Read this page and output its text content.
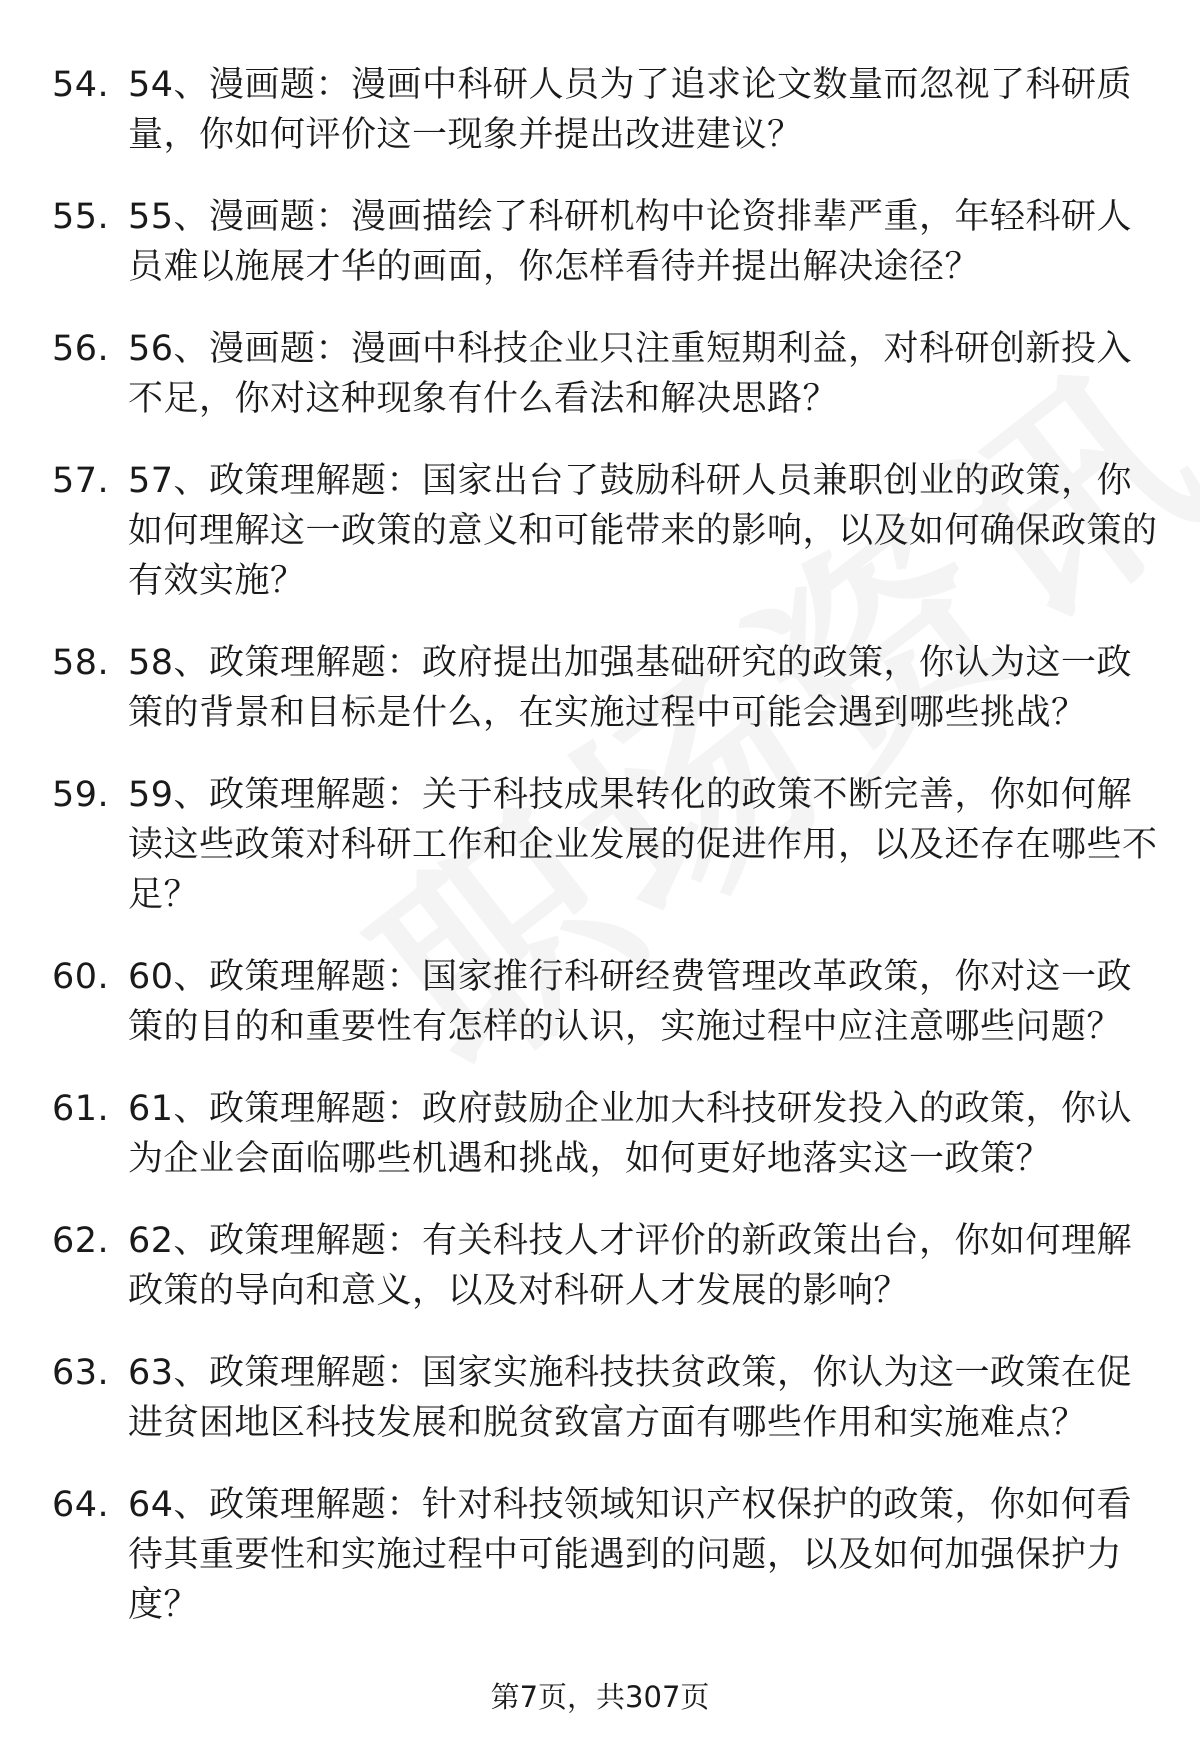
54. 54、漫画题：漫画中科研人员为了追求论文数量而忽视了科研质量，你如何评价这一现象并提出改进建议？
55. 55、漫画题：漫画描绘了科研机构中论资排辈严重，年轻科研人员难以施展才华的画面，你怎样看待并提出解决途径？
56. 56、漫画题：漫画中科技企业只注重短期利益，对科研创新投入不足，你对这种现象有什么看法和解决思路？
57. 57、政策理解题：国家出台了鼓励科研人员兼职创业的政策，你如何理解这一政策的意义和可能带来的影响，以及如何确保政策的有效实施？
58. 58、政策理解题：政府提出加强基础研究的政策，你认为这一政策的背景和目标是什么，在实施过程中可能会遇到哪些挑战？
59. 59、政策理解题：关于科技成果转化的政策不断完善，你如何解读这些政策对科研工作和企业发展的促进作用，以及还存在哪些不足？
60. 60、政策理解题：国家推行科研经费管理改革政策，你对这一政策的目的和重要性有怎样的认识，实施过程中应注意哪些问题？
61. 61、政策理解题：政府鼓励企业加大科技研发投入的政策，你认为企业会面临哪些机遇和挑战，如何更好地落实这一政策？
62. 62、政策理解题：有关科技人才评价的新政策出台，你如何理解政策的导向和意义，以及对科研人才发展的影响？
63. 63、政策理解题：国家实施科技扶贫政策，你认为这一政策在促进贫困地区科技发展和脱贫致富方面有哪些作用和实施难点？
64. 64、政策理解题：针对科技领域知识产权保护的政策，你如何看待其重要性和实施过程中可能遇到的问题，以及如何加强保护力度？
第7页，共307页
